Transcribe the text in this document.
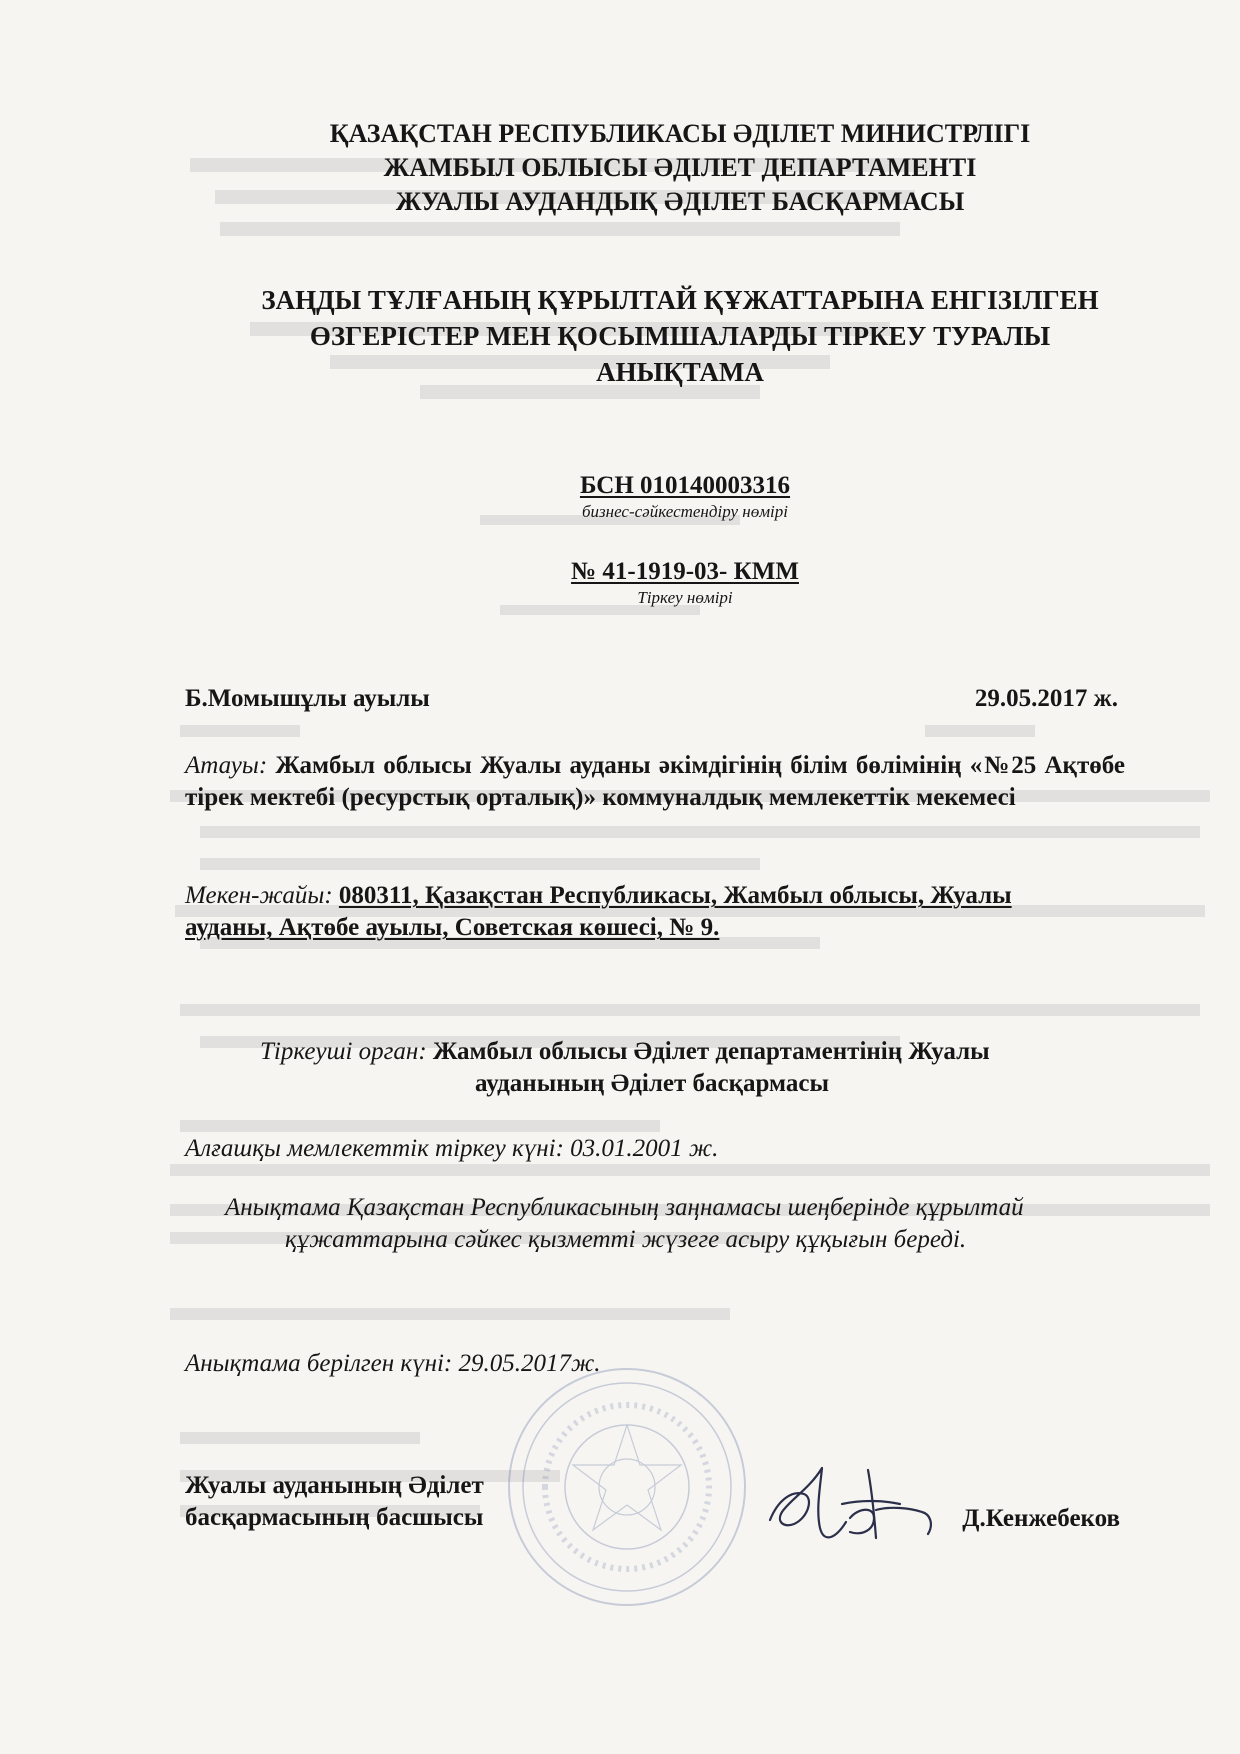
ҚАЗАҚСТАН РЕСПУБЛИКАСЫ ӘДІЛЕТ МИНИСТРЛІГІ
ЖАМБЫЛ ОБЛЫСЫ ӘДІЛЕТ ДЕПАРТАМЕНТІ
ЖУАЛЫ АУДАНДЫҚ ӘДІЛЕТ БАСҚАРМАСЫ
ЗАҢДЫ ТҰЛҒАНЫҢ ҚҰРЫЛТАЙ ҚҰЖАТТАРЫНА ЕНГІЗІЛГЕН
ӨЗГЕРІСТЕР МЕН ҚОСЫМШАЛАРДЫ ТІРКЕУ ТУРАЛЫ
АНЫҚТАМА
БСН 010140003316
бизнес-сәйкестендіру нөмірі
№ 41-1919-03- КММ
Тіркеу нөмірі
Б.Момышұлы ауылы	29.05.2017 ж.
Атауы: Жамбыл облысы Жуалы ауданы әкімдігінің білім бөлімінің «№25 Ақтөбе тірек мектебі (ресурстық орталық)» коммуналдық мемлекеттік мекемесі
Мекен-жайы: 080311, Қазақстан Республикасы, Жамбыл облысы, Жуалы
ауданы, Ақтөбе ауылы, Советская көшесі, № 9.
Тіркеуші орган: Жамбыл облысы Әділет департаментінің Жуалы
ауданының Әділет басқармасы
Алғашқы мемлекеттік тіркеу күні: 03.01.2001 ж.
Анықтама Қазақстан Республикасының заңнамасы шеңберінде құрылтай
құжаттарына сәйкес қызметті жүзеге асыру құқығын береді.
Анықтама берілген күні: 29.05.2017ж.
Жуалы ауданының Әділет
басқармасының басшысы	Д.Кенжебеков
